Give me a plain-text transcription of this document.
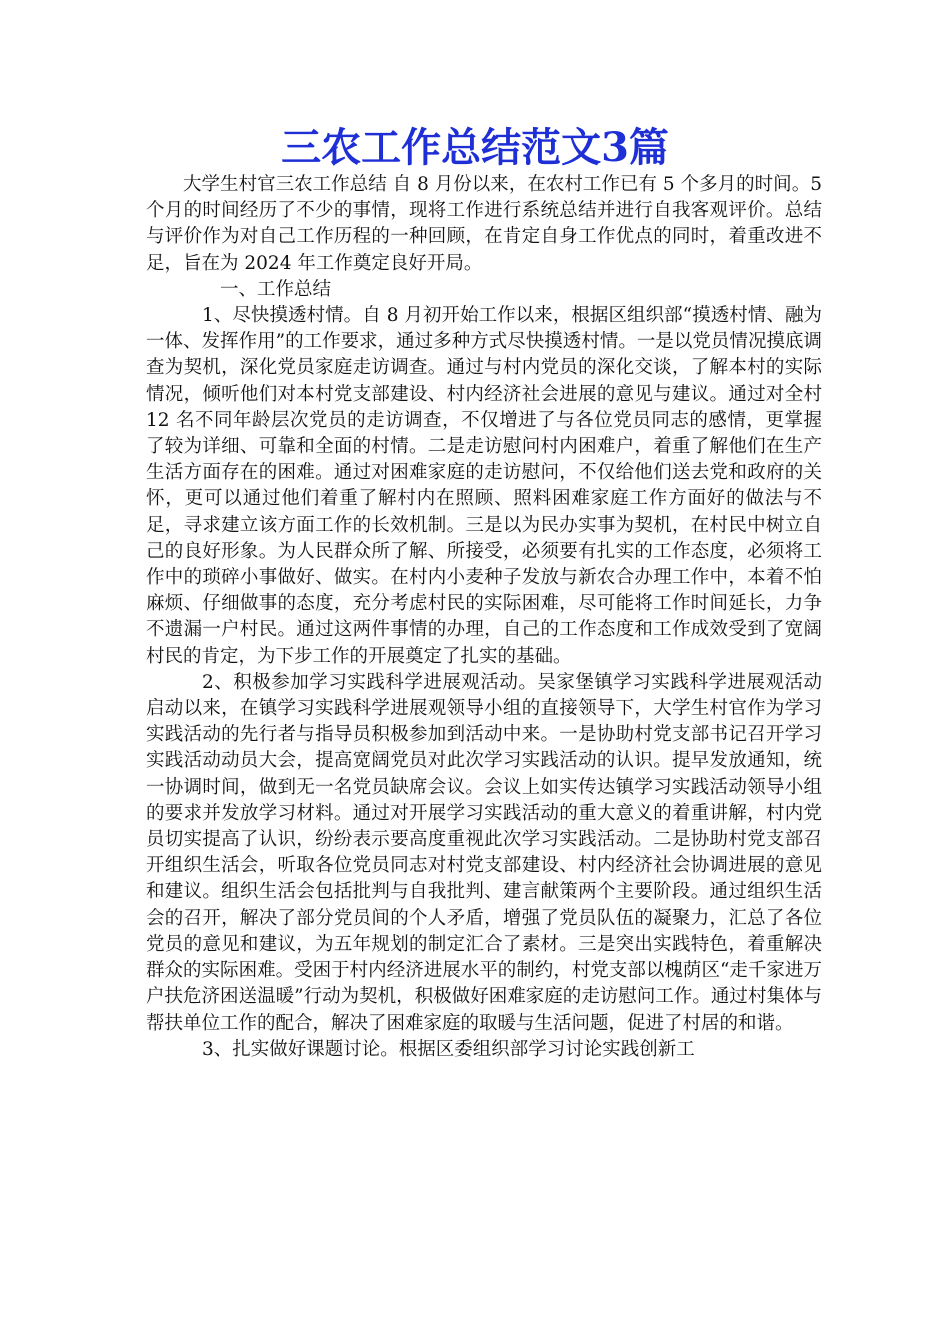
三农工作总结范文3篇

大学生村官三农工作总结 自 8 月份以来，在农村工作已有 5 个多月的时间。5 个月的时间经历了不少的事情，现将工作进行系统总结并进行自我客观评价。总结与评价作为对自己工作历程的一种回顾，在肯定自身工作优点的同时，着重改进不足，旨在为 2024 年工作奠定良好开局。

一、工作总结

1、尽快摸透村情。自 8 月初开始工作以来，根据区组织部“摸透村情、融为一体、发挥作用”的工作要求，通过多种方式尽快摸透村情。一是以党员情况摸底调查为契机，深化党员家庭走访调查。通过与村内党员的深化交谈，了解本村的实际情况，倾听他们对本村党支部建设、村内经济社会进展的意见与建议。通过对全村 12 名不同年龄层次党员的走访调查，不仅增进了与各位党员同志的感情，更掌握了较为详细、可靠和全面的村情。二是走访慰问村内困难户，着重了解他们在生产生活方面存在的困难。通过对困难家庭的走访慰问，不仅给他们送去党和政府的关怀，更可以通过他们着重了解村内在照顾、照料困难家庭工作方面好的做法与不足，寻求建立该方面工作的长效机制。三是以为民办实事为契机，在村民中树立自己的良好形象。为人民群众所了解、所接受，必须要有扎实的工作态度，必须将工作中的琐碎小事做好、做实。在村内小麦种子发放与新农合办理工作中，本着不怕麻烦、仔细做事的态度，充分考虑村民的实际困难，尽可能将工作时间延长，力争不遗漏一户村民。通过这两件事情的办理，自己的工作态度和工作成效受到了宽阔村民的肯定，为下步工作的开展奠定了扎实的基础。

2、积极参加学习实践科学进展观活动。吴家堡镇学习实践科学进展观活动启动以来，在镇学习实践科学进展观领导小组的直接领导下，大学生村官作为学习实践活动的先行者与指导员积极参加到活动中来。一是协助村党支部书记召开学习实践活动动员大会，提高宽阔党员对此次学习实践活动的认识。提早发放通知，统一协调时间，做到无一名党员缺席会议。会议上如实传达镇学习实践活动领导小组的要求并发放学习材料。通过对开展学习实践活动的重大意义的着重讲解，村内党员切实提高了认识，纷纷表示要高度重视此次学习实践活动。二是协助村党支部召开组织生活会，听取各位党员同志对村党支部建设、村内经济社会协调进展的意见和建议。组织生活会包括批判与自我批判、建言献策两个主要阶段。通过组织生活会的召开，解决了部分党员间的个人矛盾，增强了党员队伍的凝聚力，汇总了各位党员的意见和建议，为五年规划的制定汇合了素材。三是突出实践特色，着重解决群众的实际困难。受困于村内经济进展水平的制约，村党支部以槐荫区“走千家进万户扶危济困送温暖”行动为契机，积极做好困难家庭的走访慰问工作。通过村集体与帮扶单位工作的配合，解决了困难家庭的取暖与生活问题，促进了村居的和谐。

3、扎实做好课题讨论。根据区委组织部学习讨论实践创新工
